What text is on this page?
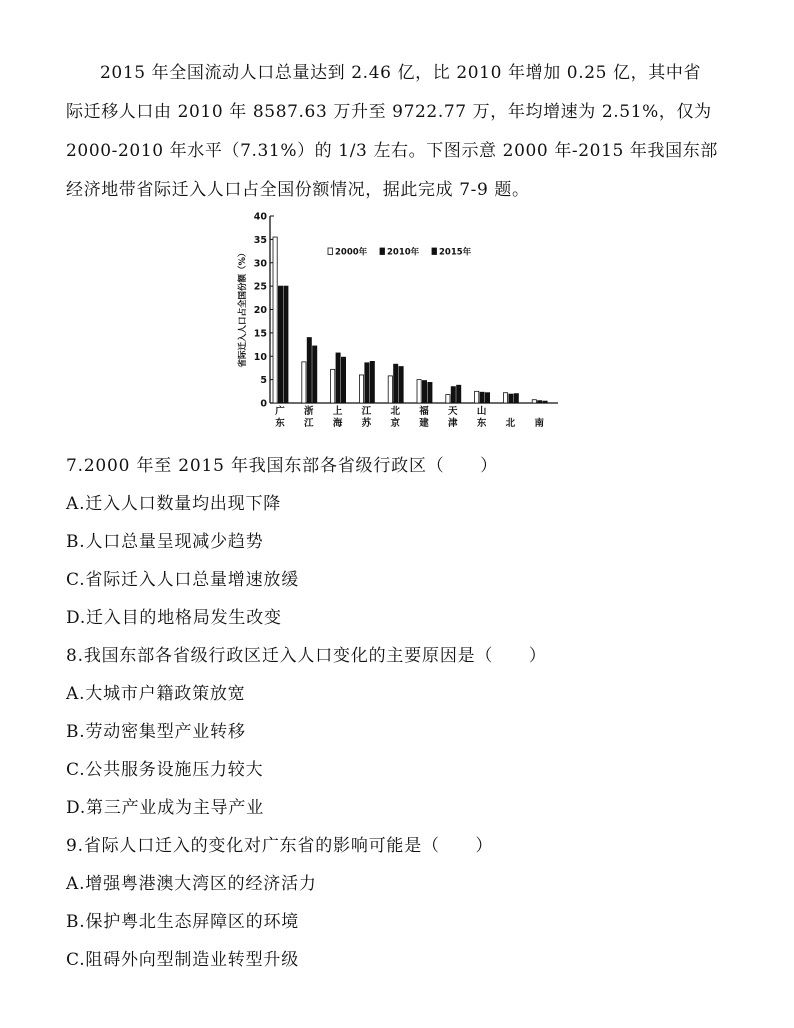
2015 年全国流动人口总量达到 2.46 亿，比 2010 年增加 0.25 亿，其中省
际迁移人口由 2010 年 8587.63 万升至 9722.77 万，年均增速为 2.51%，仅为
2000-2010 年水平（7.31%）的 1/3 左右。下图示意 2000 年-2015 年我国东部
经济地带省际迁入人口占全国份额情况，据此完成 7-9 题。
0
5
10
15
20
25
30
35
40
省际迁入人口占全国份额（%）
广
东
浙
江
上
海
江
苏
北
京
福
建
天
津
山
东 北 南
2000年 2010年 2015年
7.2000 年至 2015 年我国东部各省级行政区（　　）
A.迁入人口数量均出现下降
B.人口总量呈现减少趋势
C.省际迁入人口总量增速放缓
D.迁入目的地格局发生改变
8.我国东部各省级行政区迁入人口变化的主要原因是（　　）
A.大城市户籍政策放宽
B.劳动密集型产业转移
C.公共服务设施压力较大
D.第三产业成为主导产业
9.省际人口迁入的变化对广东省的影响可能是（　　）
A.增强粤港澳大湾区的经济活力
B.保护粤北生态屏障区的环境
C.阻碍外向型制造业转型升级
